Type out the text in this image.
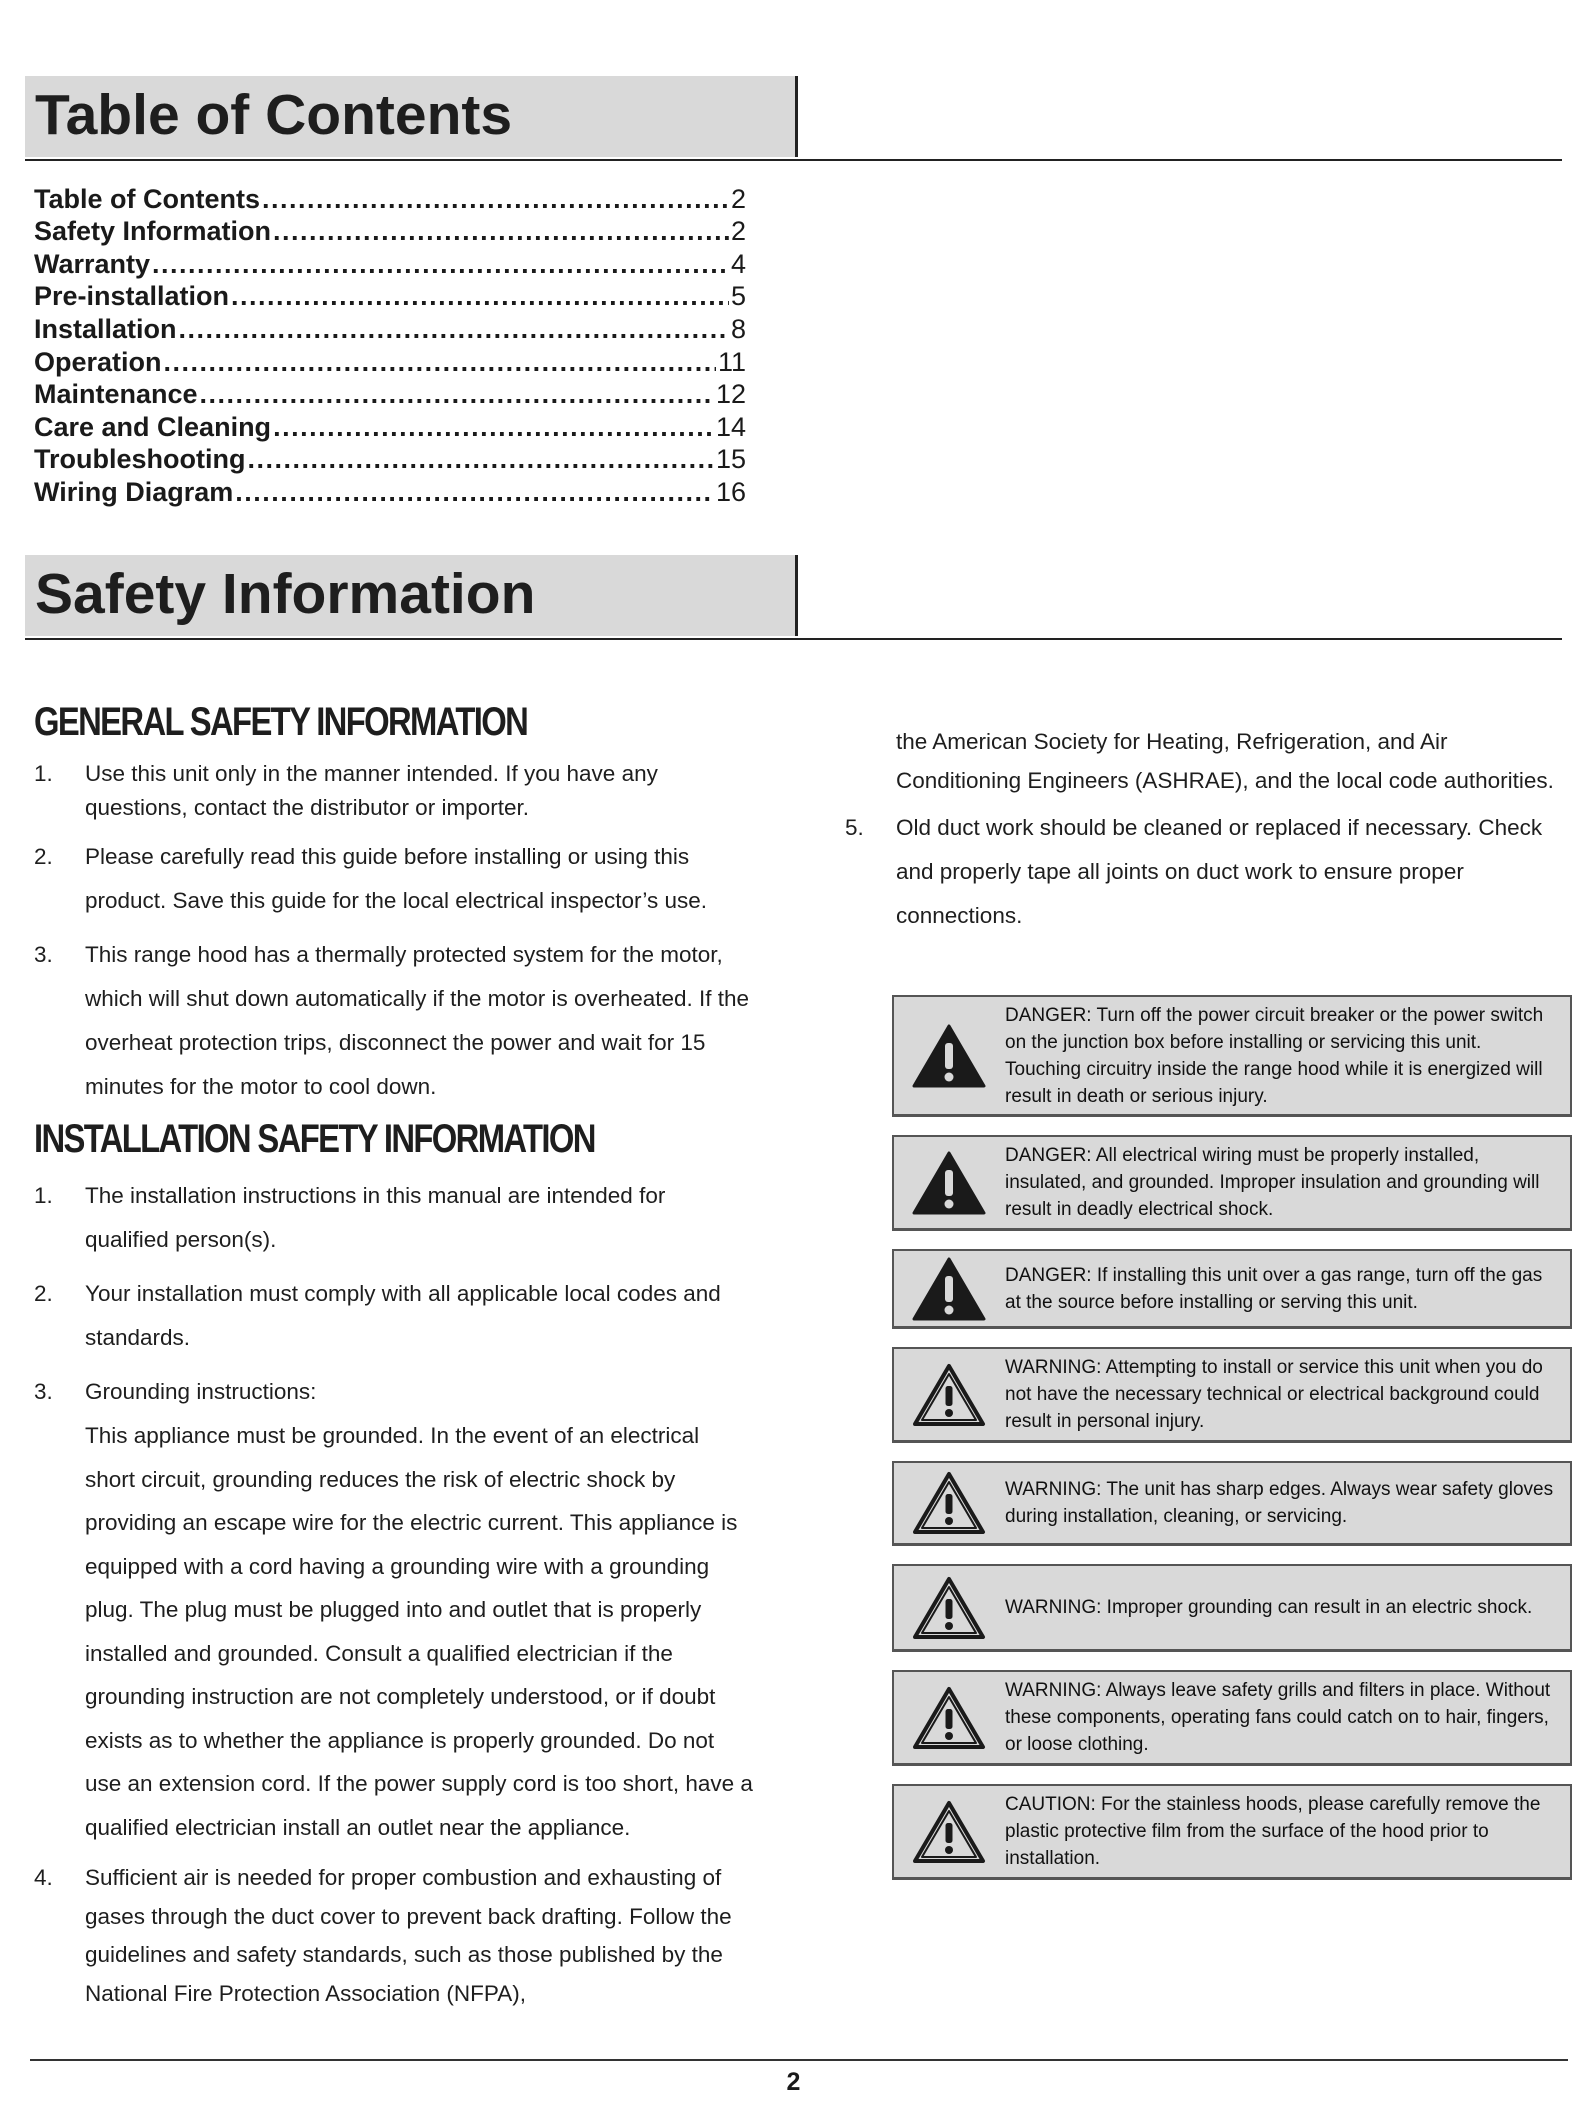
Table of Contents
Table of Contents . . .	2
Safety Information . . .	2
Warranty . . .	4
Pre-installation . . .	5
Installation . . .	8
Operation . . .	11
Maintenance . . .	12
Care and Cleaning . . .	14
Troubleshooting . . .	15
Wiring Diagram . . .	16
Safety Information
GENERAL SAFETY INFORMATION
1. Use this unit only in the manner intended. If you have any questions, contact the distributor or importer.
2. Please carefully read this guide before installing or using this product. Save this guide for the local electrical inspector’s use.
3. This range hood has a thermally protected system for the motor, which will shut down automatically if the motor is overheated. If the overheat protection trips, disconnect the power and wait for 15 minutes for the motor to cool down.
INSTALLATION SAFETY INFORMATION
1. The installation instructions in this manual are intended for qualified person(s).
2. Your installation must comply with all applicable local codes and standards.
3. Grounding instructions:
This appliance must be grounded. In the event of an electrical short circuit, grounding reduces the risk of electric shock by providing an escape wire for the electric current. This appliance is equipped with a cord having a grounding wire with a grounding plug. The plug must be plugged into and outlet that is properly installed and grounded. Consult a qualified electrician if the grounding instruction are not completely understood, or if doubt exists as to whether the appliance is properly grounded. Do not use an extension cord. If the power supply cord is too short, have a qualified electrician install an outlet near the appliance.
4. Sufficient air is needed for proper combustion and exhausting of gases through the duct cover to prevent back drafting. Follow the guidelines and safety standards, such as those published by the National Fire Protection Association (NFPA),
the American Society for Heating, Refrigeration, and Air Conditioning Engineers (ASHRAE), and the local code authorities.
5. Old duct work should be cleaned or replaced if necessary. Check and properly tape all joints on duct work to ensure proper connections.
DANGER: Turn off the power circuit breaker or the power switch on the junction box before installing or servicing this unit. Touching circuitry inside the range hood while it is energized will result in death or serious injury.
DANGER: All electrical wiring must be properly installed, insulated, and grounded. Improper insulation and grounding will result in deadly electrical shock.
DANGER: If installing this unit over a gas range, turn off the gas at the source before installing or serving this unit.
WARNING: Attempting to install or service this unit when you do not have the necessary technical or electrical background could result in personal injury.
WARNING: The unit has sharp edges. Always wear safety gloves during installation, cleaning, or servicing.
WARNING: Improper grounding can result in an electric shock.
WARNING: Always leave safety grills and filters in place. Without these components, operating fans could catch on to hair, fingers, or loose clothing.
CAUTION: For the stainless hoods, please carefully remove the plastic protective film from the surface of the hood prior to installation.
2
